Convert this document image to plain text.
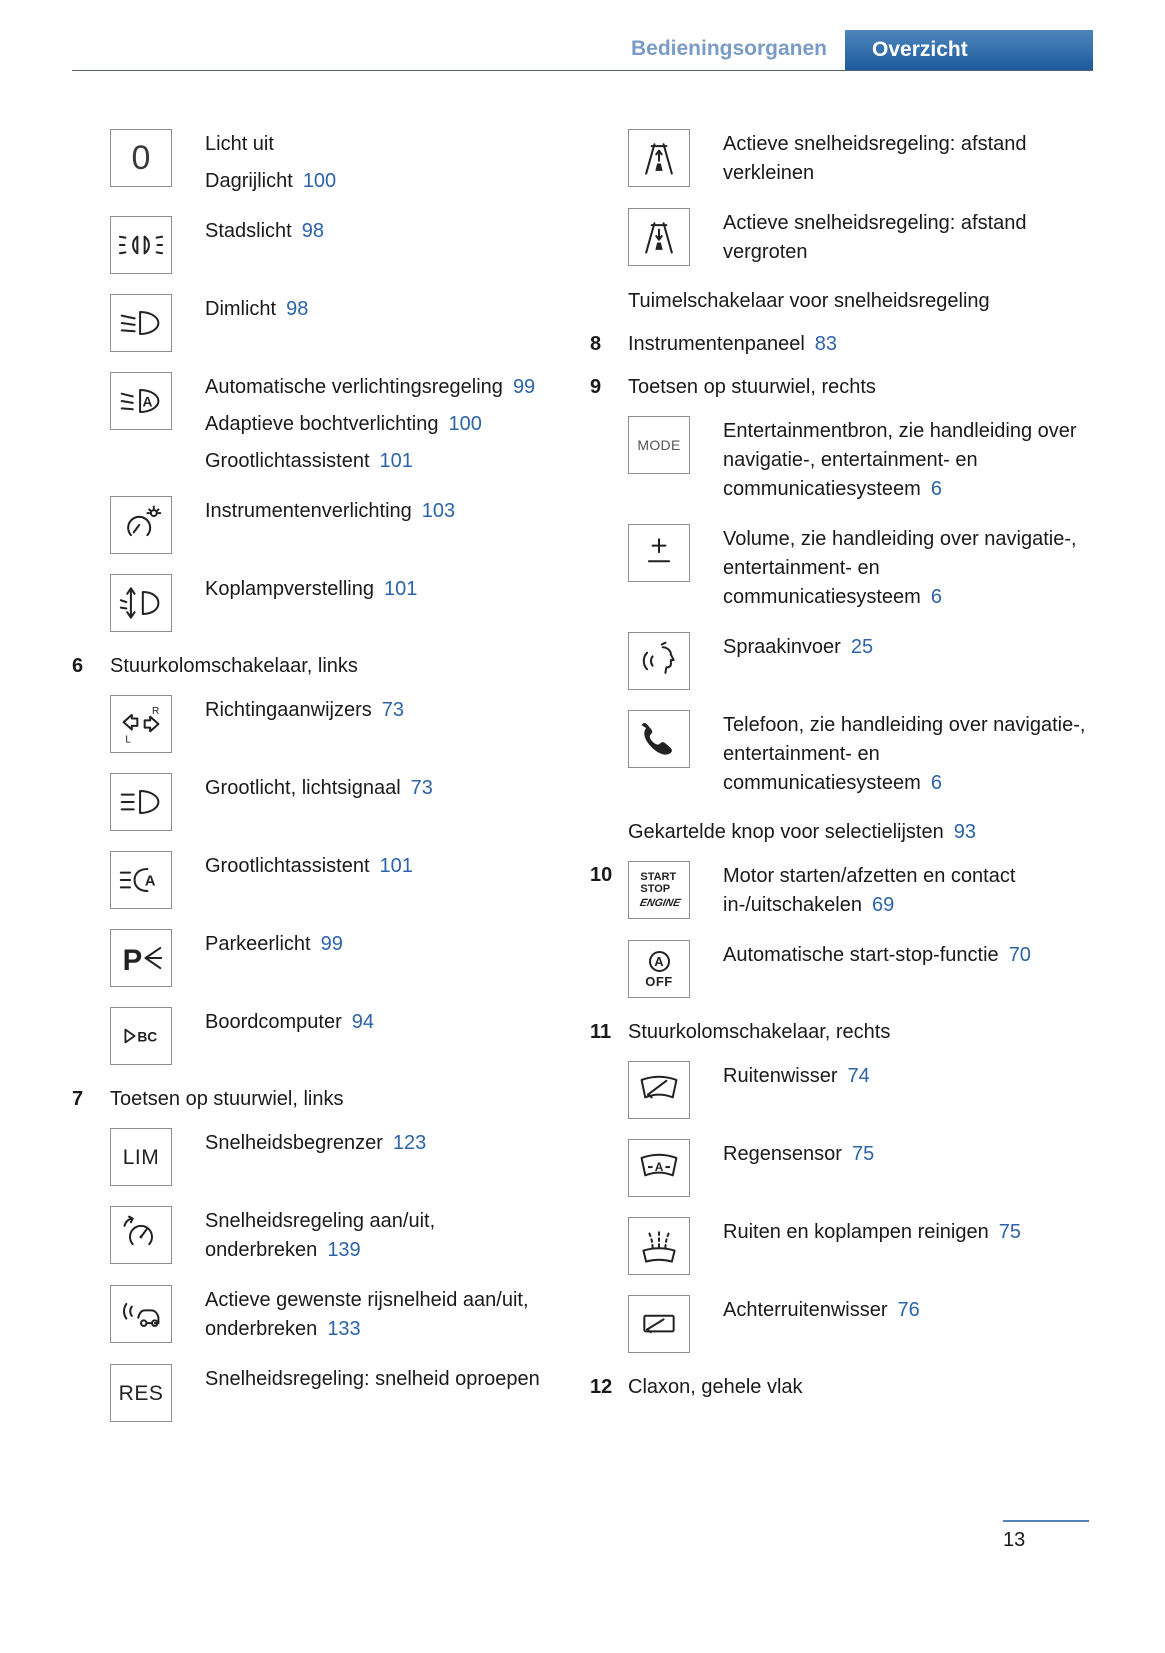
Bedieningsorganen Overzicht
0	Licht uit

Dagrijlicht 100

Stadslicht 98

Dimlicht 98

A

Automatische verlichtingsregeling 99

Adaptieve bochtverlichting 100

Grootlichtassistent 101

Instrumentenverlichting 103

Koplampverstelling 101

6	Stuurkolomschakelaar, links
R
L

Richtingaanwijzers 73

Grootlicht, lichtsignaal 73

A

Grootlichtassistent 101

P	Parkeerlicht 99

BC

Boordcomputer 94

7	Toetsen op stuurwiel, links
LIM

Snelheidsbegrenzer 123

Snelheidsregeling aan/uit, onderbreken 139

Actieve gewenste rijsnelheid aan/uit, onderbreken 133

RES

Snelheidsregeling: snelheid oproepen

Actieve snelheidsregeling: afstand verkleinen

Actieve snelheidsregeling: afstand vergroten

Tuimelschakelaar voor snelheidsregeling
8	Instrumentenpaneel 83
9	Toetsen op stuurwiel, rechts
MODE

Entertainmentbron, zie handleiding over navigatie-, entertainment- en communicatiesysteem 6

Volume, zie handleiding over navigatie-, entertainment- en communicatiesysteem 6

Spraakinvoer 25

Telefoon, zie handleiding over navigatie-, entertainment- en communicatiesysteem 6

Gekartelde knop voor selectielijsten 93
10	START
STOP
ENGINE

Motor starten/afzetten en contact in-/uitschakelen 69

A
OFF

Automatische start-stop-functie 70

11 Stuurkolomschakelaar, rechts

Ruitenwisser 74

A

Regensensor 75

Ruiten en koplampen reinigen 75

Achterruitenwisser 76

12 Claxon, gehele vlak
13
